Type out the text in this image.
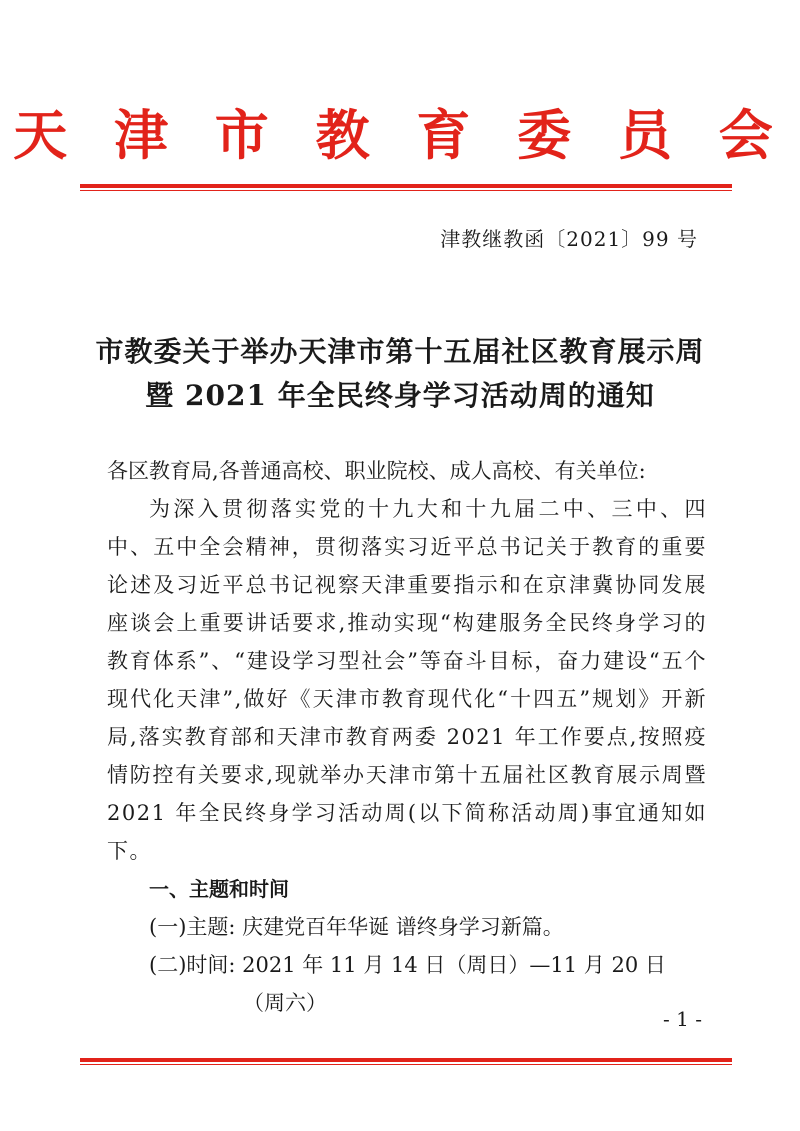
天 津 市 教 育 委 员 会
津教继教函〔2021〕99 号
市教委关于举办天津市第十五届社区教育展示周
暨 2021 年全民终身学习活动周的通知

各区教育局,各普通高校、职业院校、成人高校、有关单位:

为深入贯彻落实党的十九大和十九届二中、三中、四中、五中全会精神，贯彻落实习近平总书记关于教育的重要论述及习近平总书记视察天津重要指示和在京津冀协同发展座谈会上重要讲话要求,推动实现“构建服务全民终身学习的教育体系”、“建设学习型社会”等奋斗目标，奋力建设“五个现代化天津”,做好《天津市教育现代化“十四五”规划》开新局,落实教育部和天津市教育两委 2021 年工作要点,按照疫情防控有关要求,现就举办天津市第十五届社区教育展示周暨 2021 年全民终身学习活动周(以下简称活动周)事宜通知如下。

一、主题和时间

(一)主题: 庆建党百年华诞 谱终身学习新篇。

(二)时间: 2021 年 11 月 14 日（周日）—11 月 20 日

（周六）

- 1 -
